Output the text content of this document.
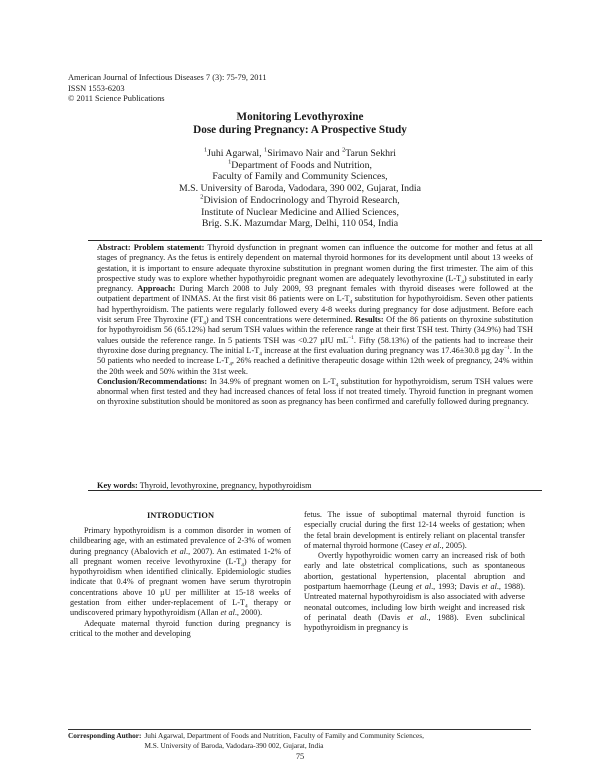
American Journal of Infectious Diseases 7 (3): 75-79, 2011
ISSN 1553-6203
© 2011 Science Publications
Monitoring Levothyroxine
Dose during Pregnancy: A Prospective Study
$^1$Juhi Agarwal, $^1$Sirimavo Nair and $^2$Tarun Sekhri
$^1$Department of Foods and Nutrition,
Faculty of Family and Community Sciences,
M.S. University of Baroda, Vadodara, 390 002, Gujarat, India
$^2$Division of Endocrinology and Thyroid Research,
Institute of Nuclear Medicine and Allied Sciences,
Brig. S.K. Mazumdar Marg, Delhi, 110 054, India
Abstract: Problem statement: Thyroid dysfunction in pregnant women can influence the outcome for mother and fetus at all stages of pregnancy. As the fetus is entirely dependent on maternal thyroid hormones for its development until about 13 weeks of gestation, it is important to ensure adequate thyroxine substitution in pregnant women during the first trimester. The aim of this prospective study was to explore whether hypothyroidic pregnant women are adequately levothyroxine $(L-T_4)$ substituted in early pregnancy. Approach: During March 2008 to July 2009, 93 pregnant females with thyroid diseases were followed at the outpatient department of INMAS. At the first visit 86 patients were on $L-T_4$ substitution for hypothyroidism. Seven other patients had hyperthyroidism. The patients were regularly followed every 4-8 weeks during pregnancy for dose adjustment. Before each visit serum Free Thyroxine $(FT_4)$ and TSH concentrations were determined. Results: Of the 86 patients on thyroxine substitution for hypothyroidism 56 (65.12%) had serum TSH values within the reference range at their first TSH test. Thirty (34.9%) had TSH values outside the reference range. In 5 patients TSH was <0.27 µIU $mL^{-1}$. Fifty (58.13%) of the patients had to increase their thyroxine dose during pregnancy. The initial $L-T_4$ increase at the first evaluation during pregnancy was 17.46±30.8 µg day$^{-1}$. In the 50 patients who needed to increase $L-T_4$, 26% reached a definitive therapeutic dosage within 12th week of pregnancy, 24% within the 20th week and 50% within the 31st week.
Conclusion/Recommendations: In 34.9% of pregnant women on $L-T_4$ substitution for hypothyroidism, serum TSH values were abnormal when first tested and they had increased chances of fetal loss if not treated timely. Thyroid function in pregnant women on thyroxine substitution should be monitored as soon as pregnancy has been confirmed and carefully followed during pregnancy.
Key words: Thyroid, levothyroxine, pregnancy, hypothyroidism
INTRODUCTION

Primary hypothyroidism is a common disorder in women of childbearing age, with an estimated prevalence of 2-3% of women during pregnancy (Abalovich et al., 2007). An estimated 1-2% of all pregnant women receive levothyroxine $(L-T_4)$ therapy for hypothyroidism when identified clinically. Epidemiologic studies indicate that 0.4% of pregnant women have serum thyrotropin concentrations above 10 µU per milliliter at 15-18 weeks of gestation from either under-replacement of $L-T_4$ therapy or undiscovered primary hypothyroidism (Allan et al., 2000).

Adequate maternal thyroid function during pregnancy is critical to the mother and developing

fetus. The issue of suboptimal maternal thyroid function is especially crucial during the first 12-14 weeks of gestation; when the fetal brain development is entirely reliant on placental transfer of maternal thyroid hormone (Casey et al., 2005).

Overtly hypothyroidic women carry an increased risk of both early and late obstetrical complications, such as spontaneous abortion, gestational hypertension, placental abruption and postpartum haemorrhage (Leung et al., 1993; Davis et al., 1988). Untreated maternal hypothyroidism is also associated with adverse neonatal outcomes, including low birth weight and increased risk of perinatal death (Davis et al., 1988). Even subclinical hypothyroidism in pregnancy is

Corresponding Author: Juhi Agarwal, Department of Foods and Nutrition, Faculty of Family and Community Sciences,
M.S. University of Baroda, Vadodara-390 002, Gujarat, India
75
